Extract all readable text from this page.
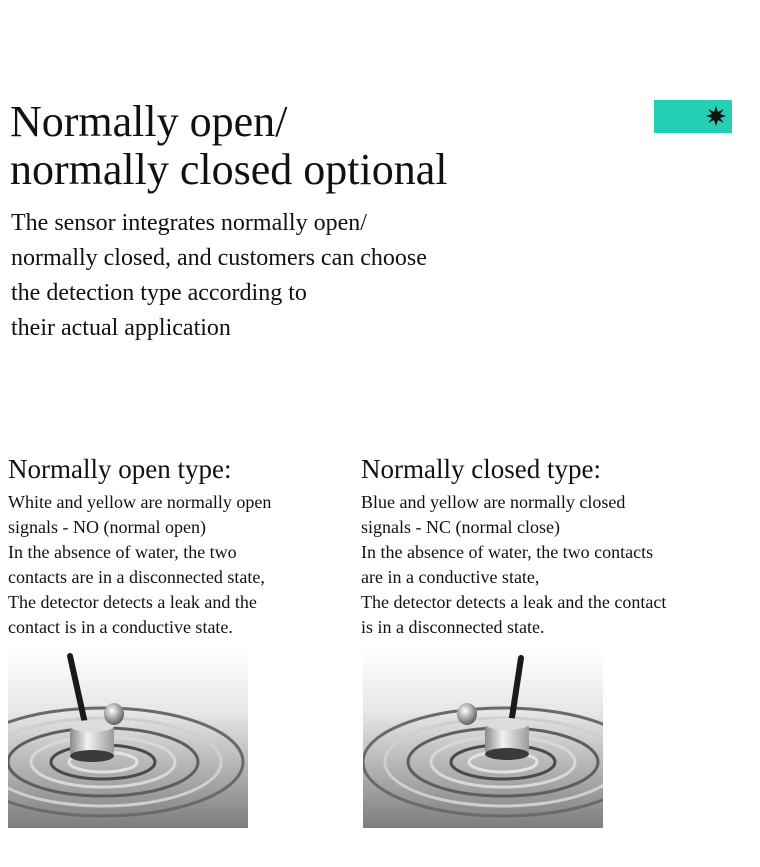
Normally open/
normally closed optional

The sensor integrates normally open/
normally closed, and customers can choose
the detection type according to
their actual application

Normally open type:
White and yellow are normally open
signals - NO (normal open)
In the absence of water, the two
contacts are in a disconnected state,
The detector detects a leak and the
contact is in a conductive state.
Normally closed type:
Blue and yellow are normally closed
signals - NC (normal close)
In the absence of water, the two contacts
are in a conductive state,
The detector detects a leak and the contact
is in a disconnected state.
